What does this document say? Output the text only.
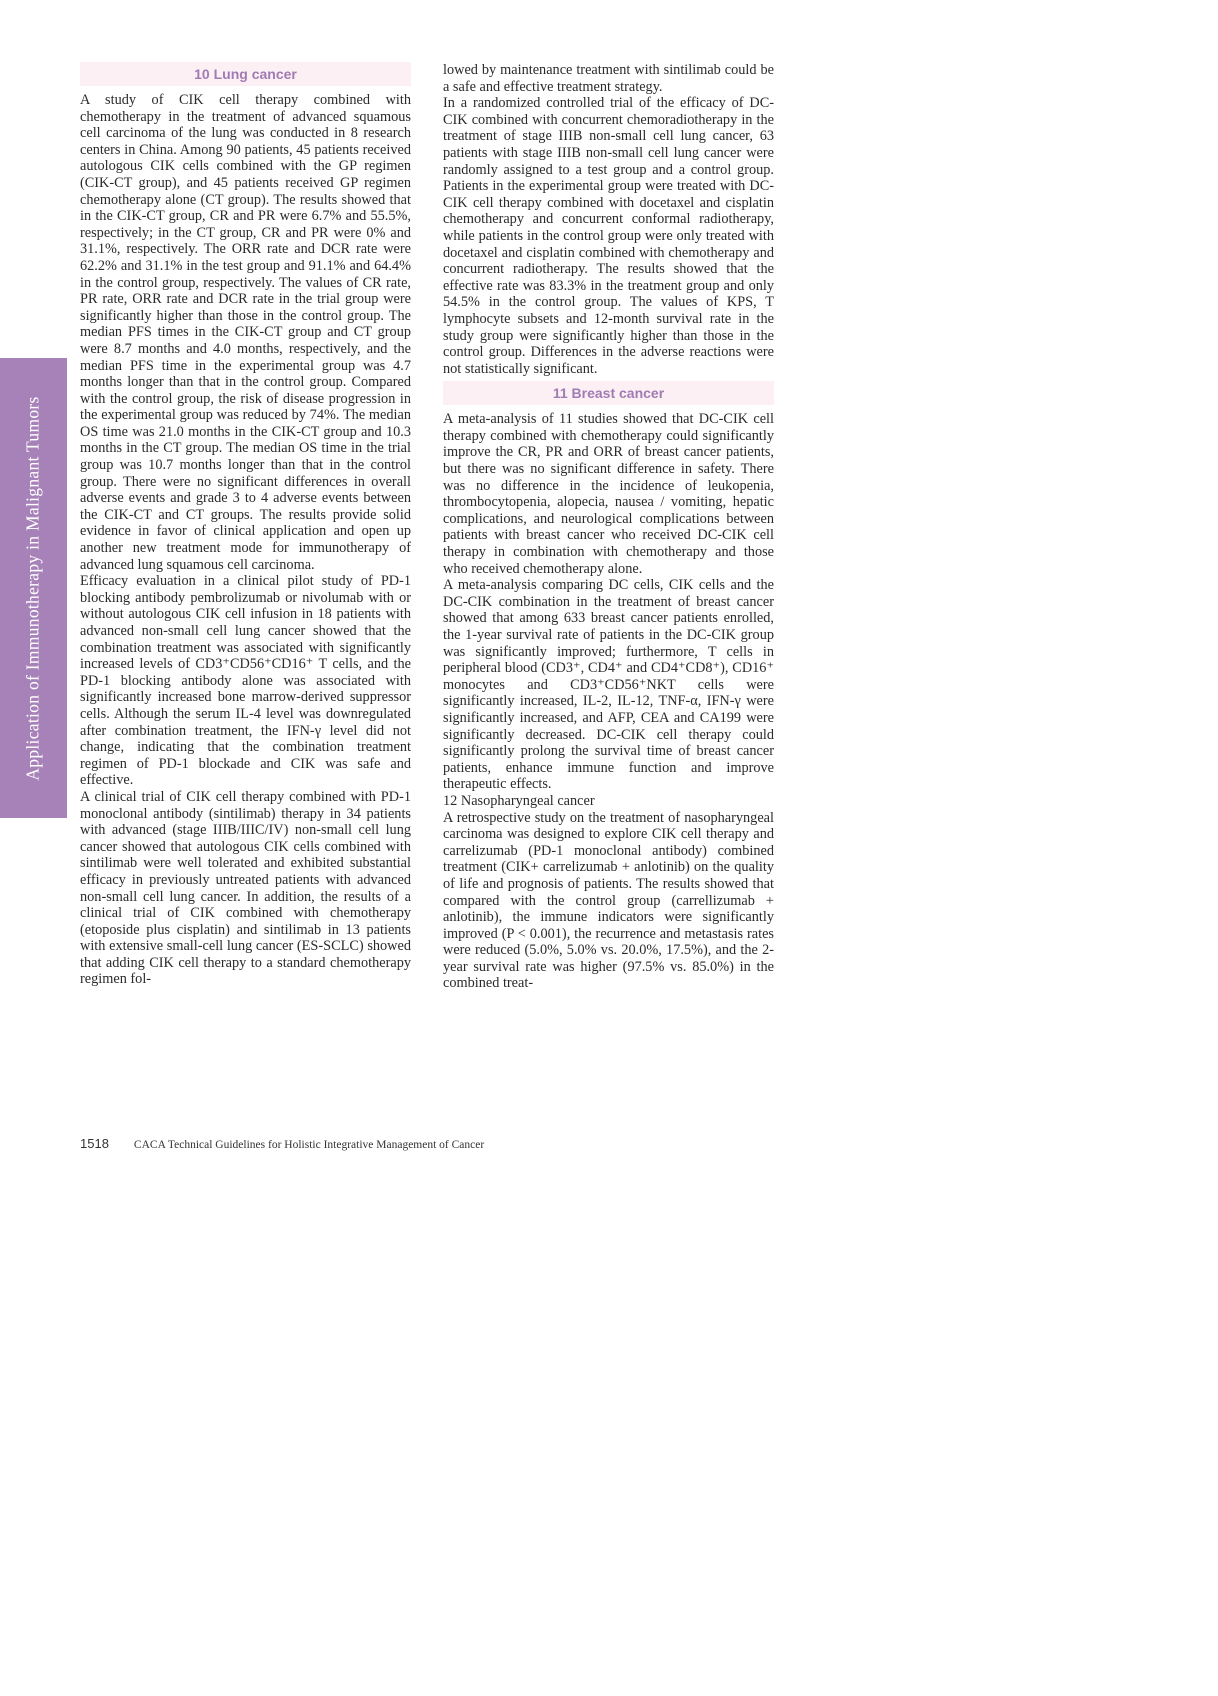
Application of Immunotherapy in Malignant Tumors
10 Lung cancer

A study of CIK cell therapy combined with chemotherapy in the treatment of advanced squamous cell carcinoma of the lung was conducted in 8 research centers in China. Among 90 patients, 45 patients received autologous CIK cells combined with the GP regimen (CIK-CT group), and 45 patients received GP regimen chemotherapy alone (CT group). The results showed that in the CIK-CT group, CR and PR were 6.7% and 55.5%, respectively; in the CT group, CR and PR were 0% and 31.1%, respectively. The ORR rate and DCR rate were 62.2% and 31.1% in the test group and 91.1% and 64.4% in the control group, respectively. The values of CR rate, PR rate, ORR rate and DCR rate in the trial group were significantly higher than those in the control group. The median PFS times in the CIK-CT group and CT group were 8.7 months and 4.0 months, respectively, and the median PFS time in the experimental group was 4.7 months longer than that in the control group. Compared with the control group, the risk of disease progression in the experimental group was reduced by 74%. The median OS time was 21.0 months in the CIK-CT group and 10.3 months in the CT group. The median OS time in the trial group was 10.7 months longer than that in the control group. There were no significant differences in overall adverse events and grade 3 to 4 adverse events between the CIK-CT and CT groups. The results provide solid evidence in favor of clinical application and open up another new treatment mode for immunotherapy of advanced lung squamous cell carcinoma.

Efficacy evaluation in a clinical pilot study of PD-1 blocking antibody pembrolizumab or nivolumab with or without autologous CIK cell infusion in 18 patients with advanced non-small cell lung cancer showed that the combination treatment was associated with significantly increased levels of CD3⁺CD56⁺CD16⁺ T cells, and the PD-1 blocking antibody alone was associated with significantly increased bone marrow-derived suppressor cells. Although the serum IL-4 level was downregulated after combination treatment, the IFN-γ level did not change, indicating that the combination treatment regimen of PD-1 blockade and CIK was safe and effective.

A clinical trial of CIK cell therapy combined with PD-1 monoclonal antibody (sintilimab) therapy in 34 patients with advanced (stage IIIB/IIIC/IV) non-small cell lung cancer showed that autologous CIK cells combined with sintilimab were well tolerated and exhibited substantial efficacy in previously untreated patients with advanced non-small cell lung cancer. In addition, the results of a clinical trial of CIK combined with chemotherapy (etoposide plus cisplatin) and sintilimab in 13 patients with extensive small-cell lung cancer (ES-SCLC) showed that adding CIK cell therapy to a standard chemotherapy regimen fol-

lowed by maintenance treatment with sintilimab could be a safe and effective treatment strategy.

In a randomized controlled trial of the efficacy of DC-CIK combined with concurrent chemoradiotherapy in the treatment of stage IIIB non-small cell lung cancer, 63 patients with stage IIIB non-small cell lung cancer were randomly assigned to a test group and a control group. Patients in the experimental group were treated with DC-CIK cell therapy combined with docetaxel and cisplatin chemotherapy and concurrent conformal radiotherapy, while patients in the control group were only treated with docetaxel and cisplatin combined with chemotherapy and concurrent radiotherapy. The results showed that the effective rate was 83.3% in the treatment group and only 54.5% in the control group. The values of KPS, T lymphocyte subsets and 12-month survival rate in the study group were significantly higher than those in the control group. Differences in the adverse reactions were not statistically significant.

11 Breast cancer

A meta-analysis of 11 studies showed that DC-CIK cell therapy combined with chemotherapy could significantly improve the CR, PR and ORR of breast cancer patients, but there was no significant difference in safety. There was no difference in the incidence of leukopenia, thrombocytopenia, alopecia, nausea / vomiting, hepatic complications, and neurological complications between patients with breast cancer who received DC-CIK cell therapy in combination with chemotherapy and those who received chemotherapy alone.

A meta-analysis comparing DC cells, CIK cells and the DC-CIK combination in the treatment of breast cancer showed that among 633 breast cancer patients enrolled, the 1-year survival rate of patients in the DC-CIK group was significantly improved; furthermore, T cells in peripheral blood (CD3⁺, CD4⁺ and CD4⁺CD8⁺), CD16⁺ monocytes and CD3⁺CD56⁺NKT cells were significantly increased, IL-2, IL-12, TNF-α, IFN-γ were significantly increased, and AFP, CEA and CA199 were significantly decreased. DC-CIK cell therapy could significantly prolong the survival time of breast cancer patients, enhance immune function and improve therapeutic effects.

12 Nasopharyngeal cancer

A retrospective study on the treatment of nasopharyngeal carcinoma was designed to explore CIK cell therapy and carrelizumab (PD-1 monoclonal antibody) combined treatment (CIK+ carrelizumab + anlotinib) on the quality of life and prognosis of patients. The results showed that compared with the control group (carrellizumab + anlotinib), the immune indicators were significantly improved (P < 0.001), the recurrence and metastasis rates were reduced (5.0%, 5.0% vs. 20.0%, 17.5%), and the 2-year survival rate was higher (97.5% vs. 85.0%) in the combined treat-

1518 CACA Technical Guidelines for Holistic Integrative Management of Cancer
